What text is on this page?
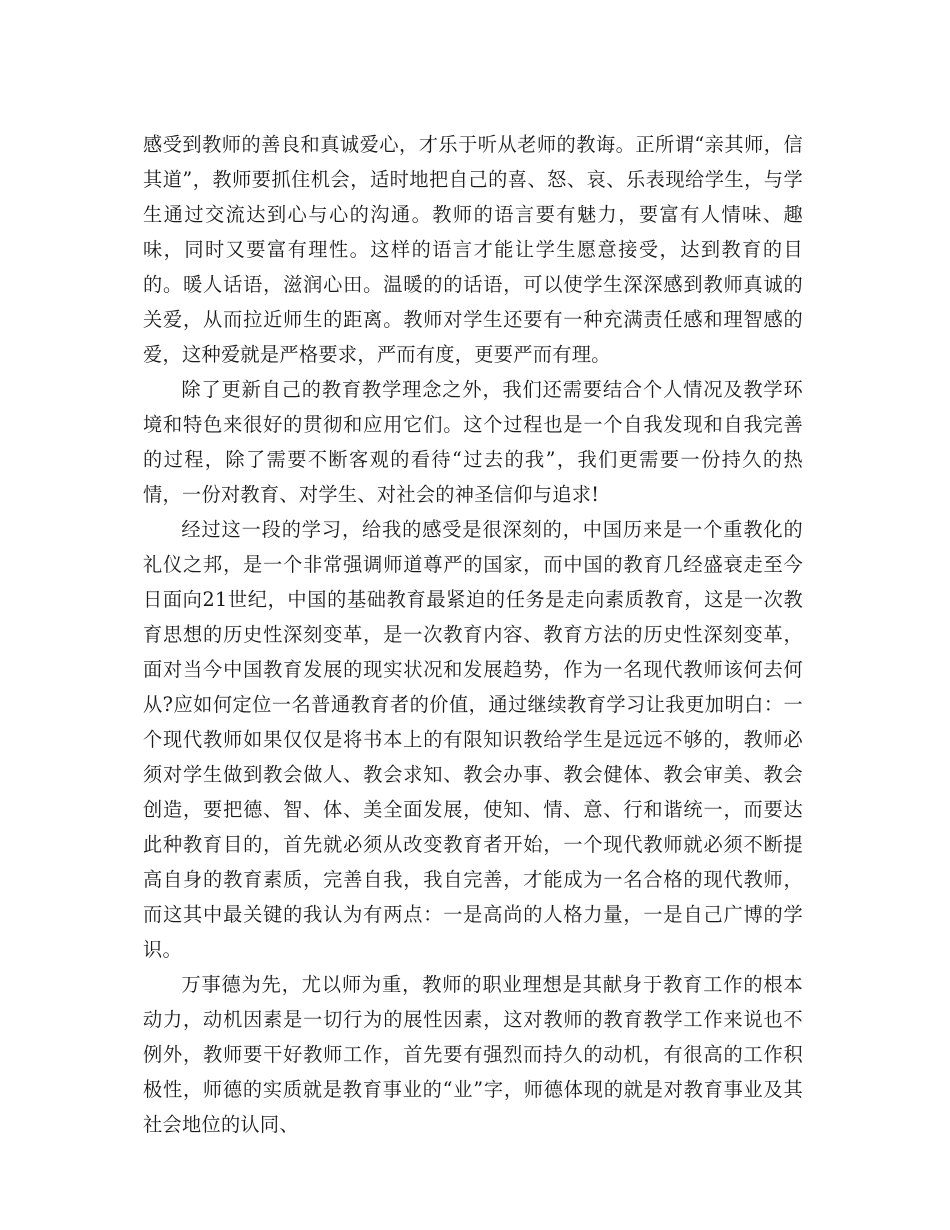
感受到教师的善良和真诚爱心，才乐于听从老师的教诲。正所谓“亲其师，信其道”，教师要抓住机会，适时地把自己的喜、怒、哀、乐表现给学生，与学生通过交流达到心与心的沟通。教师的语言要有魅力，要富有人情味、趣味，同时又要富有理性。这样的语言才能让学生愿意接受，达到教育的目的。暖人话语，滋润心田。温暖的的话语，可以使学生深深感到教师真诚的关爱，从而拉近师生的距离。教师对学生还要有一种充满责任感和理智感的爱，这种爱就是严格要求，严而有度，更要严而有理。

除了更新自己的教育教学理念之外，我们还需要结合个人情况及教学环境和特色来很好的贯彻和应用它们。这个过程也是一个自我发现和自我完善的过程，除了需要不断客观的看待“过去的我”，我们更需要一份持久的热情，一份对教育、对学生、对社会的神圣信仰与追求!

经过这一段的学习，给我的感受是很深刻的，中国历来是一个重教化的礼仪之邦，是一个非常强调师道尊严的国家，而中国的教育几经盛衰走至今日面向21世纪，中国的基础教育最紧迫的任务是走向素质教育，这是一次教育思想的历史性深刻变革，是一次教育内容、教育方法的历史性深刻变革，面对当今中国教育发展的现实状况和发展趋势，作为一名现代教师该何去何从?应如何定位一名普通教育者的价值，通过继续教育学习让我更加明白：一个现代教师如果仅仅是将书本上的有限知识教给学生是远远不够的，教师必须对学生做到教会做人、教会求知、教会办事、教会健体、教会审美、教会创造，要把德、智、体、美全面发展，使知、情、意、行和谐统一，而要达此种教育目的，首先就必须从改变教育者开始，一个现代教师就必须不断提高自身的教育素质，完善自我，我自完善，才能成为一名合格的现代教师，而这其中最关键的我认为有两点：一是高尚的人格力量，一是自己广博的学识。

万事德为先，尤以师为重，教师的职业理想是其献身于教育工作的根本动力，动机因素是一切行为的展性因素，这对教师的教育教学工作来说也不例外，教师要干好教师工作，首先要有强烈而持久的动机，有很高的工作积极性，师德的实质就是教育事业的“业”字，师德体现的就是对教育事业及其社会地位的认同、
